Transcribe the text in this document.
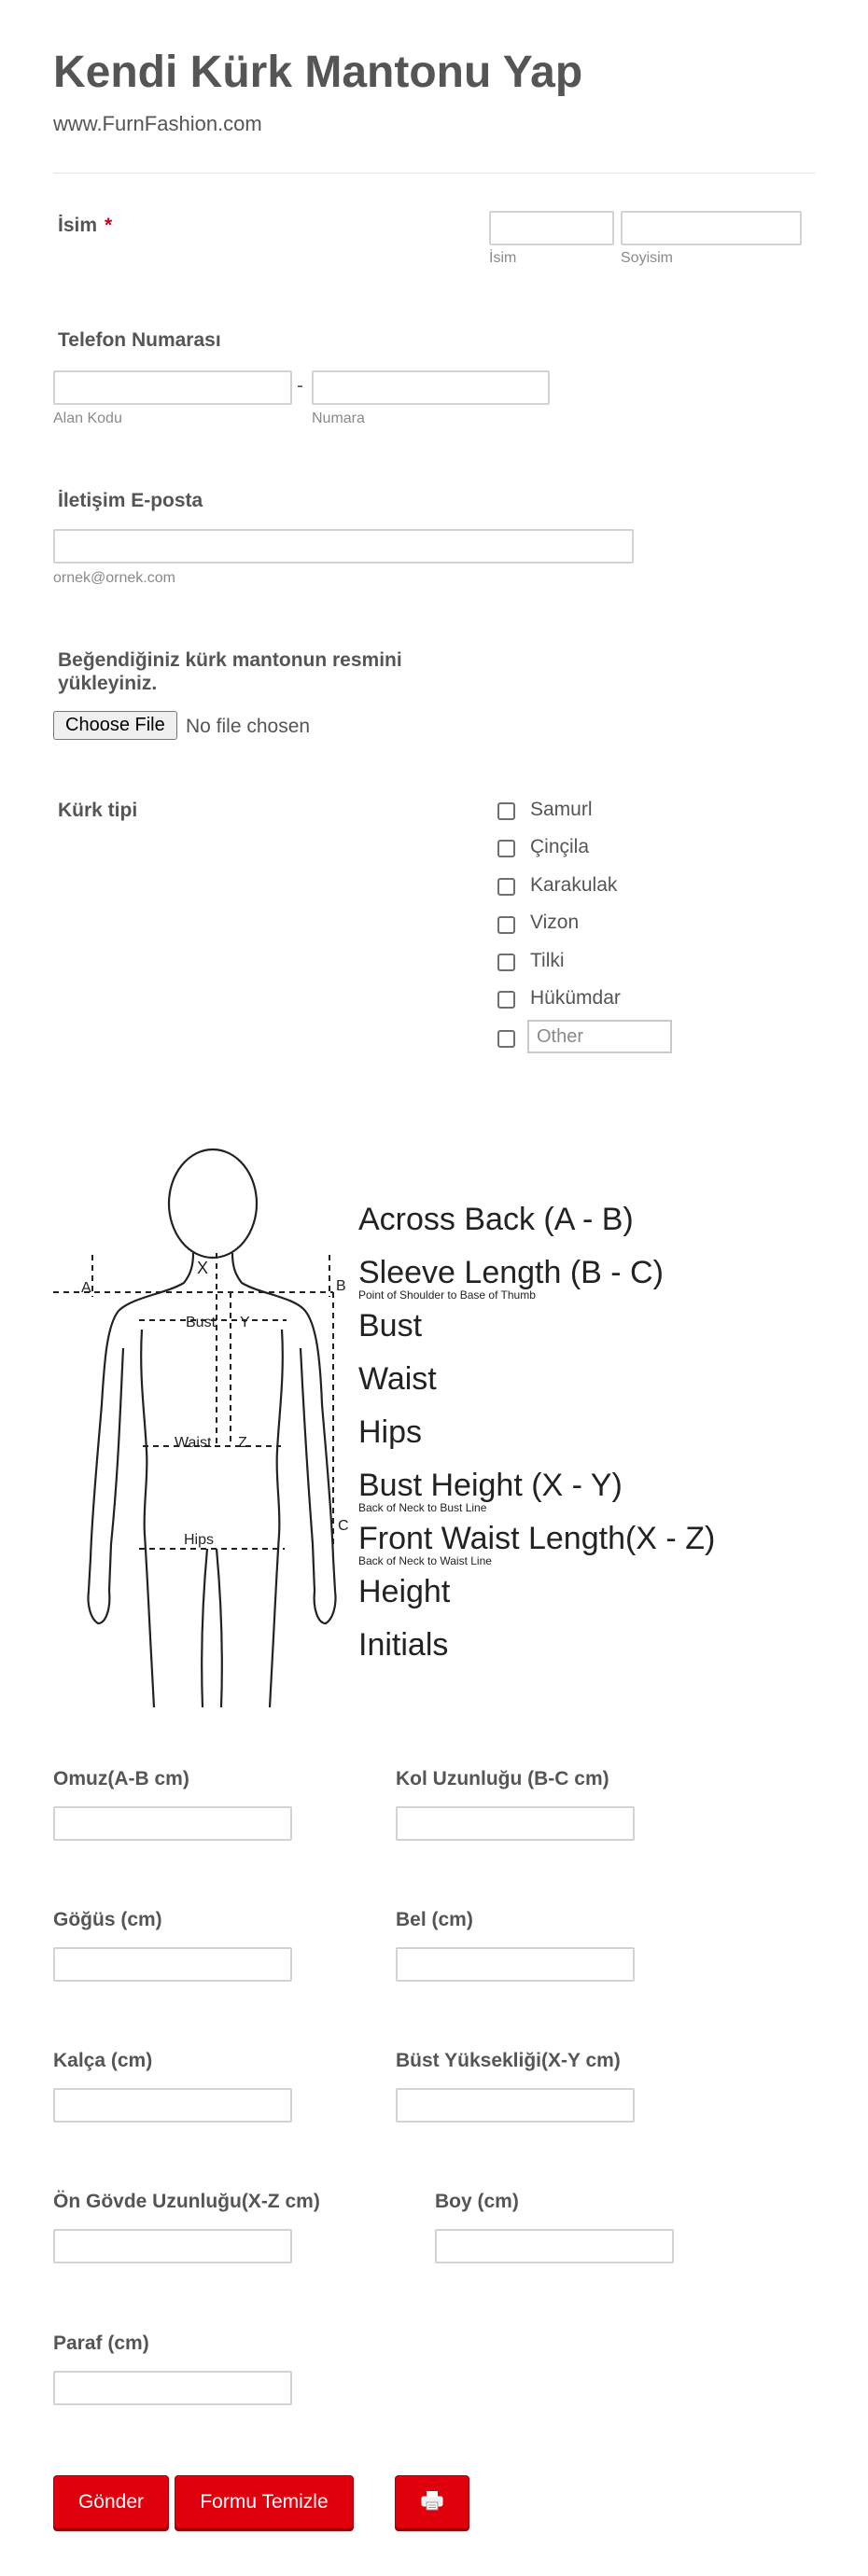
Kendi Kürk Mantonu Yap
www.FurnFashion.com
İsim *
İsim	Soyisim
Telefon Numarası
-
Alan Kodu	Numara
İletişim E-posta
ornek@ornek.com
Beğendiğiniz kürk mantonun resmini
yükleyiniz.
Choose File	No file chosen
Kürk tipi	Samurl
Çinçila
Karakulak
Vizon
Tilki
Hükümdar
Other
X
A	B
Y
Bust
Waist Z
Hips
C
Across Back (A - B)
Sleeve Length (B - C)
Point of Shoulder to Base of Thumb
Bust
Waist
Hips
Bust Height (X - Y)
Back of Neck to Bust Line
Front Waist Length(X - Z)
Back of Neck to Waist Line
Height
Initials
Omuz(A-B cm)	Kol Uzunluğu (B-C cm)
Göğüs (cm)	Bel (cm)
Kalça (cm)	Büst Yüksekliği(X-Y cm)
Ön Gövde Uzunluğu(X-Z cm)	Boy (cm)
Paraf (cm)
Gönder	Formu Temizle
